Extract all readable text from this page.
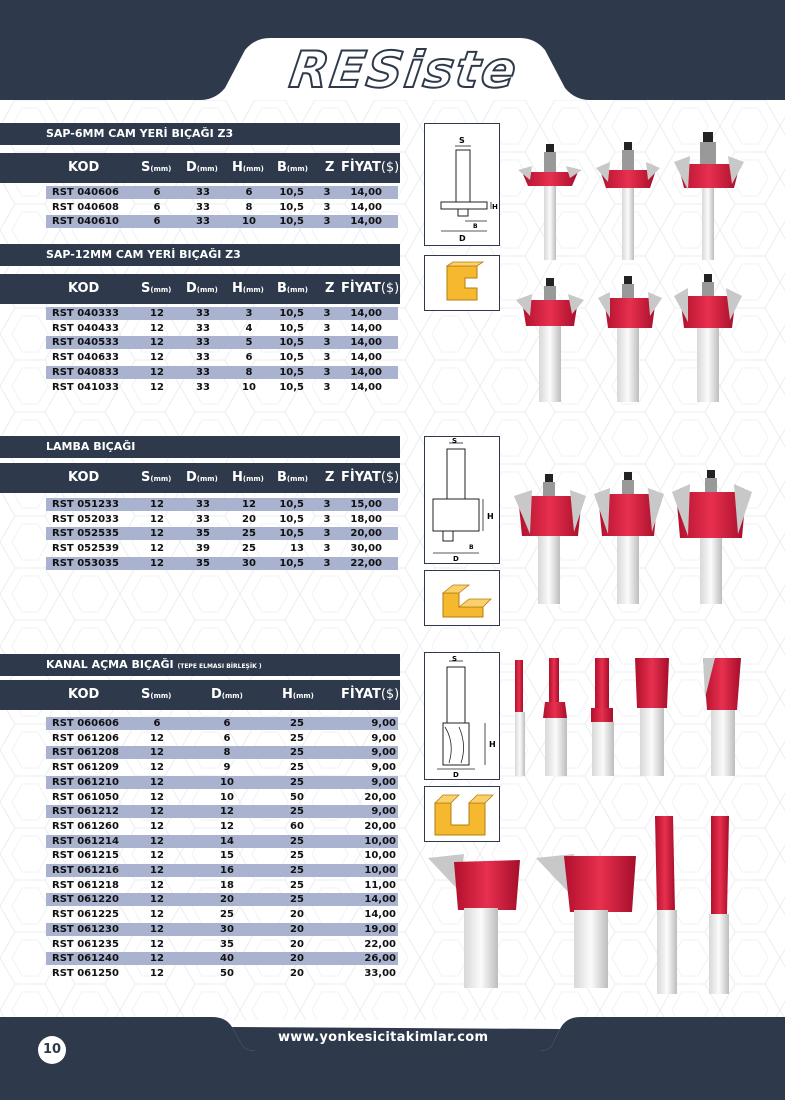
RESiste
SAP-6MM CAM YERİ BIÇAĞI Z3
KOD	S(mm) D(mm) H(mm) B(mm) Z FİYAT($)
RST 040606	6	33	6	10,5	3	14,00
RST 040608	6	33	8	10,5	3	14,00
RST 040610	6	33	10	10,5	3	14,00
SAP-12MM CAM YERİ BIÇAĞI Z3
KOD	S(mm) D(mm) H(mm) B(mm) Z FİYAT($)
RST 040333	12	33	3	10,5	3	14,00
RST 040433	12	33	4	10,5	3	14,00
RST 040533	12	33	5	10,5	3	14,00
RST 040633	12	33	6	10,5	3	14,00
RST 040833	12	33	8	10,5	3	14,00
RST 041033	12	33	10	10,5	3	14,00
LAMBA BIÇAĞI
KOD	S(mm) D(mm) H(mm) B(mm) Z FİYAT($)
RST 051233	12	33	12	10,5	3	15,00
RST 052033	12	33	20	10,5	3	18,00
RST 052535	12	35	25	10,5	3	20,00
RST 052539	12	39	25	13	3	30,00
RST 053035	12	35	30	10,5	3	22,00
KANAL AÇMA BIÇAĞI (TEPE ELMASI BİRLEŞİK )
KOD	S(mm)	D(mm)	H(mm) FİYAT($)
RST 060606	6	6	25	9,00
RST 061206	12	6	25	9,00
RST 061208	12	8	25	9,00
RST 061209	12	9	25	9,00
RST 061210	12	10	25	9,00
RST 061050	12	10	50	20,00
RST 061212	12	12	25	9,00
RST 061260	12	12	60	20,00
RST 061214	12	14	25	10,00
RST 061215	12	15	25	10,00
RST 061216	12	16	25	10,00
RST 061218	12	18	25	11,00
RST 061220	12	20	25	14,00
RST 061225	12	25	20	14,00
RST 061230	12	30	20	19,00
RST 061235	12	35	20	22,00
RST 061240	12	40	20	26,00
RST 061250	12	50	20	33,00
S
H
B
D
S
H
B
D
S
H
D
www.yonkesicitakimlar.com
10
